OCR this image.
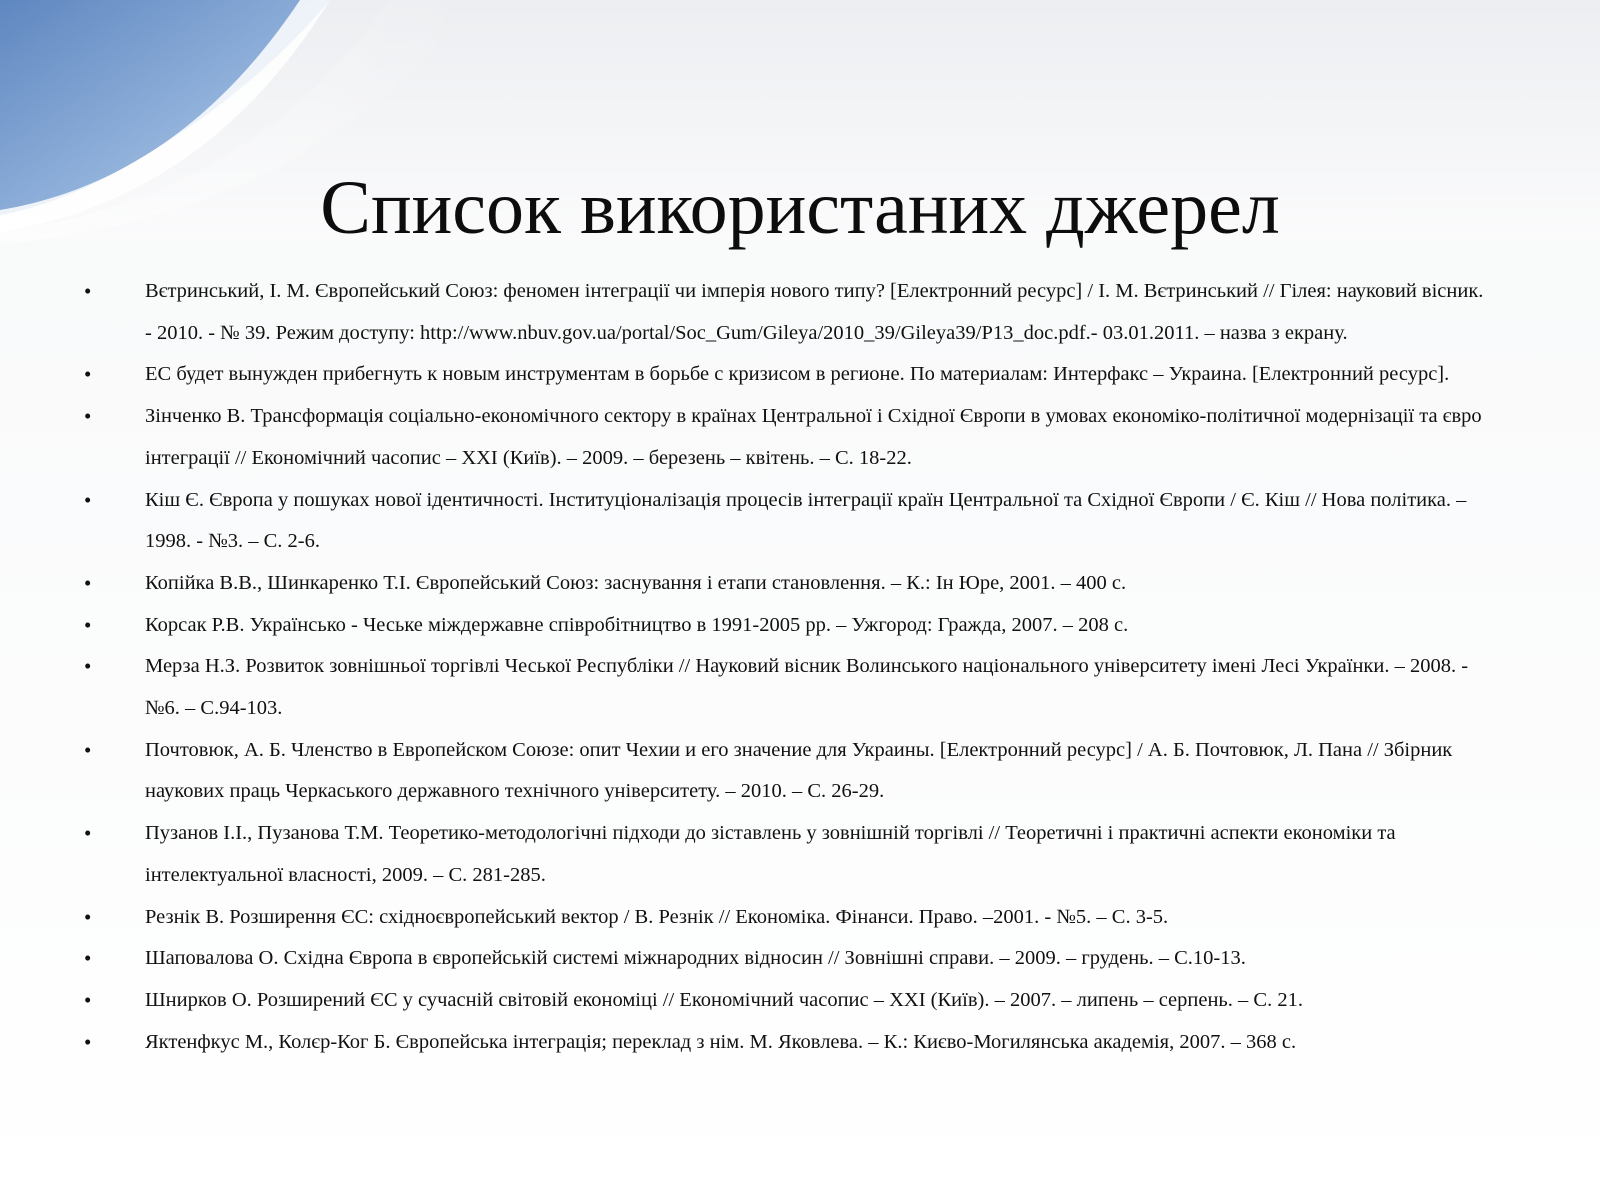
Список використаних джерел
•	Вєтринський, І. М. Європейський Союз: феномен інтеграції чи імперія нового типу? [Електронний ресурс] / І. М. Вєтринський // Гілея: науковий вісник. - 2010. - № 39. Режим доступу: http://www.nbuv.gov.ua/portal/Soc_Gum/Gileya/2010_39/Gileya39/P13_doc.pdf.- 03.01.2011. – назва з екрану.
•	ЕС будет вынужден прибегнуть к новым инструментам в борьбе с кризисом в регионе. По материалам: Интерфакс – Украина. [Електронний ресурс].
•	Зінченко В. Трансформація соціально-економічного сектору в країнах Центральної і Східної Європи в умовах економіко-політичної модернізації та євро інтеграції // Економічний часопис – XXI (Київ). – 2009. – березень – квітень. – С. 18-22.
•	Кіш Є. Європа у пошуках нової ідентичності. Інституціоналізація процесів інтеграції країн Центральної та Східної Європи / Є. Кіш // Нова політика. – 1998. - №3. – С. 2-6.
•	Копійка В.В., Шинкаренко Т.І. Європейський Союз: заснування і етапи становлення. – К.: Ін Юре, 2001. – 400 с.
•	Корсак Р.В. Українсько - Чеське міждержавне співробітництво в 1991-2005 рр. – Ужгород: Гражда, 2007. – 208 с.
•	Мерза Н.З. Розвиток зовнішньої торгівлі Чеської Республіки // Науковий вісник Волинського національного університету імені Лесі Українки. – 2008. - №6. – С.94-103.
•	Почтовюк, А. Б. Членство в Европейском Союзе: опит Чехии и его значение для Украины. [Електронний ресурс] / А. Б. Почтовюк, Л. Пана // Збірник наукових праць Черкаського державного технічного університету. – 2010. – С. 26-29.
•	Пузанов І.І., Пузанова Т.М. Теоретико-методологічні підходи до зіставлень у зовнішній торгівлі // Теоретичні і практичні аспекти економіки та інтелектуальної власності, 2009. – С. 281-285.
•	Резнік В. Розширення ЄС: східноєвропейський вектор / В. Резнік // Економіка. Фінанси. Право. –2001. - №5. – С. 3-5.
•	Шаповалова О. Східна Європа в європейській системі міжнародних відносин // Зовнішні справи. – 2009. – грудень. – С.10-13.
•	Шнирков О. Розширений ЄС у сучасній світовій економіці // Економічний часопис – XXI (Київ). – 2007. – липень – серпень. – С. 21.
•	Яктенфкус М., Колєр-Ког Б. Європейська інтеграція; переклад з нім. М. Яковлева. – К.: Києво-Могилянська академія, 2007. – 368 с.
